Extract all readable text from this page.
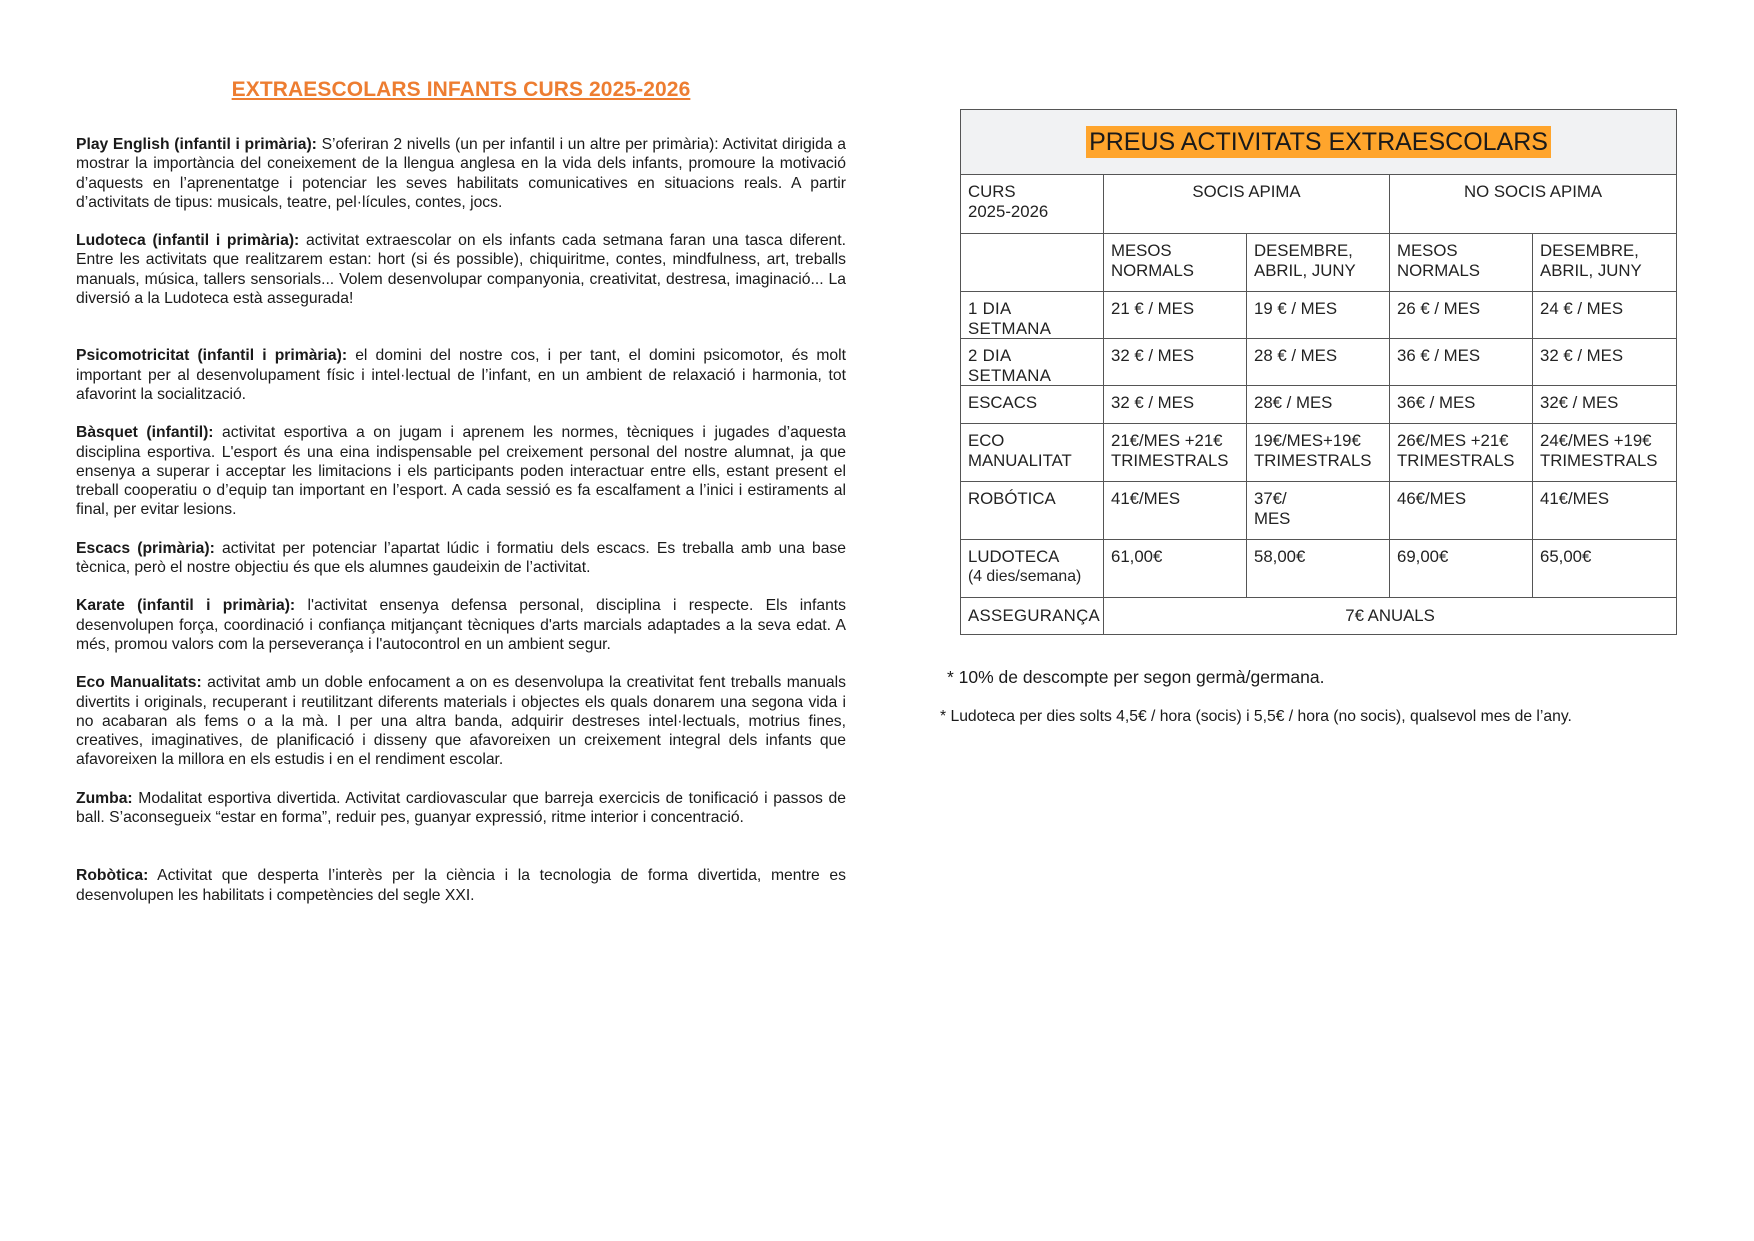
EXTRAESCOLARS INFANTS CURS 2025-2026

Play English (infantil i primària): S’oferiran 2 nivells (un per infantil i un altre per primària): Activitat dirigida a mostrar la importància del coneixement de la llengua anglesa en la vida dels infants, promoure la motivació d’aquests en l’aprenentatge i potenciar les seves habilitats comunicatives en situacions reals. A partir d’activitats de tipus: musicals, teatre, pel·lícules, contes, jocs.

Ludoteca (infantil i primària): activitat extraescolar on els infants cada setmana faran una tasca diferent. Entre les activitats que realitzarem estan: hort (si és possible), chiquiritme, contes, mindfulness, art, treballs manuals, música, tallers sensorials... Volem desenvolupar companyonia, creativitat, destresa, imaginació... La diversió a la Ludoteca està assegurada!

Psicomotricitat (infantil i primària): el domini del nostre cos, i per tant, el domini psicomotor, és molt important per al desenvolupament físic i intel·lectual de l’infant, en un ambient de relaxació i harmonia, tot afavorint la socialització.

Bàsquet (infantil): activitat esportiva a on jugam i aprenem les normes, tècniques i jugades d’aquesta disciplina esportiva. L'esport és una eina indispensable pel creixement personal del nostre alumnat, ja que ensenya a superar i acceptar les limitacions i els participants poden interactuar entre ells, estant present el treball cooperatiu o d’equip tan important en l’esport. A cada sessió es fa escalfament a l’inici i estiraments al final, per evitar lesions.

Escacs (primària): activitat per potenciar l’apartat lúdic i formatiu dels escacs. Es treballa amb una base tècnica, però el nostre objectiu és que els alumnes gaudeixin de l’activitat.

Karate (infantil i primària): l'activitat ensenya defensa personal, disciplina i respecte. Els infants desenvolupen força, coordinació i confiança mitjançant tècniques d'arts marcials adaptades a la seva edat. A més, promou valors com la perseverança i l'autocontrol en un ambient segur.

Eco Manualitats: activitat amb un doble enfocament a on es desenvolupa la creativitat fent treballs manuals divertits i originals, recuperant i reutilitzant diferents materials i objectes els quals donarem una segona vida i no acabaran als fems o a la mà. I per una altra banda, adquirir destreses intel·lectuals, motrius fines, creatives, imaginatives, de planificació i disseny que afavoreixen un creixement integral dels infants que afavoreixen la millora en els estudis i en el rendiment escolar.

Zumba: Modalitat esportiva divertida. Activitat cardiovascular que barreja exercicis de tonificació i passos de ball. S’aconsegueix “estar en forma”, reduir pes, guanyar expressió, ritme interior i concentració.

Robòtica: Activitat que desperta l’interès per la ciència i la tecnologia de forma divertida, mentre es desenvolupen les habilitats i competències del segle XXI.

PREUS ACTIVITATS EXTRAESCOLARS				

CURS
2025-2026	SOCIS APIMA		NO SOCIS APIMA	
	MESOS NORMALS	DESEMBRE, ABRIL, JUNY	MESOS NORMALS	DESEMBRE, ABRIL, JUNY
1 DIA SETMANA	21 € / MES	19 € / MES	26 € / MES	24 € / MES
2 DIA SETMANA	32 € / MES	28 € / MES	36 € / MES	32 € / MES
ESCACS	32 € / MES	28€ / MES	36€ / MES	32€ / MES
ECO MANUALITAT	21€/MES +21€ TRIMESTRALS	19€/MES+19€ TRIMESTRALS	26€/MES +21€ TRIMESTRALS	24€/MES +19€ TRIMESTRALS
ROBÓTICA	41€/MES	37€/ MES	46€/MES	41€/MES

LUDOTECA
(4 dies/semana)	61,00€	58,00€	69,00€	65,00€
ASSEGURANÇA	7€ ANUALS			

* 10% de descompte per segon germà/germana.

* Ludoteca per dies solts 4,5€ / hora (socis) i 5,5€ / hora (no socis), qualsevol mes de l’any.
